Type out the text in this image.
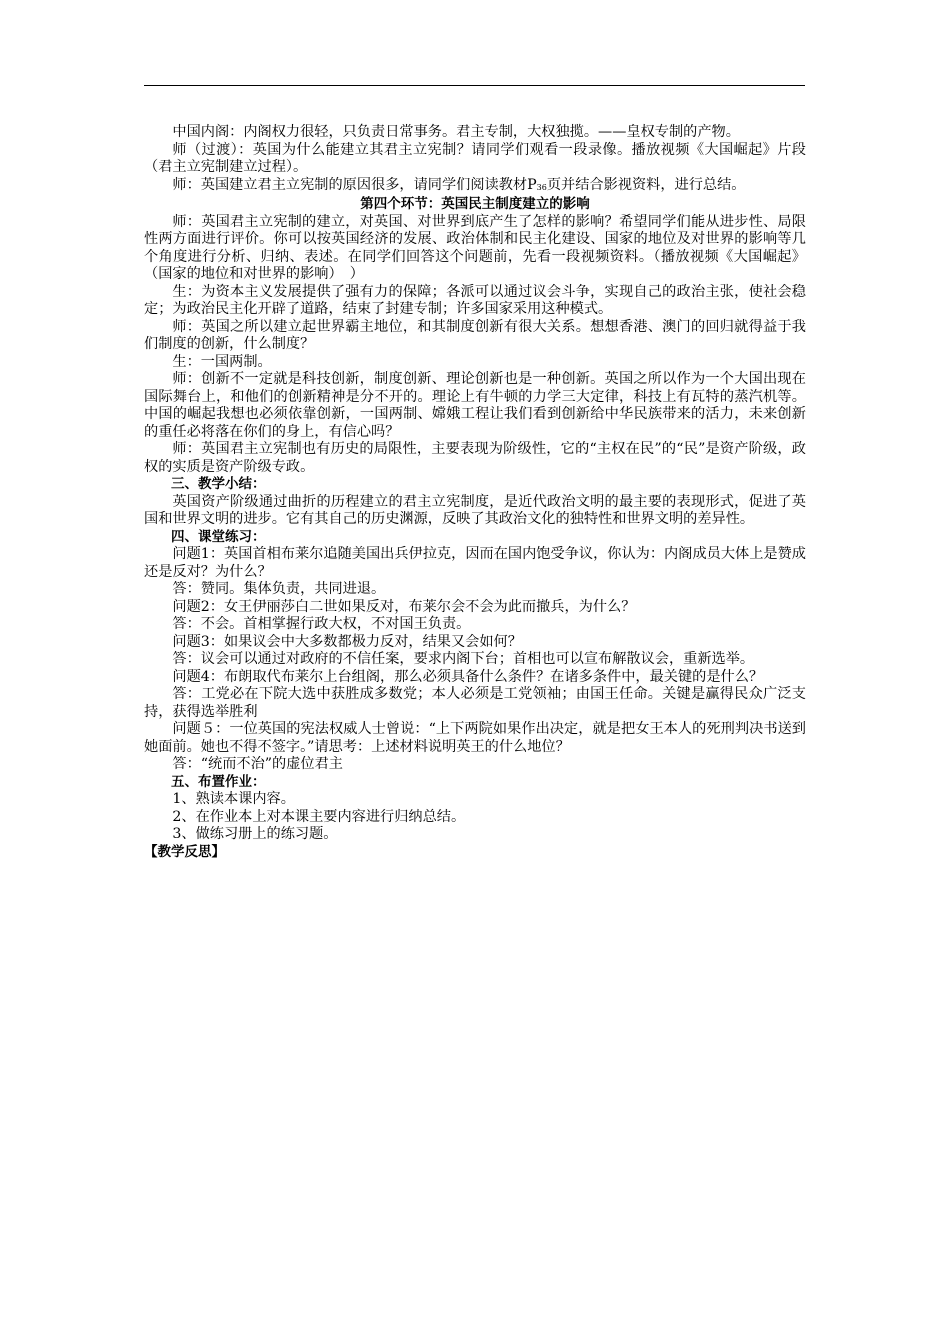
中国内阁：内阁权力很轻，只负责日常事务。君主专制，大权独揽。——皇权专制的产物。

师（过渡）：英国为什么能建立其君主立宪制？请同学们观看一段录像。播放视频《大国崛起》片段（君主立宪制建立过程）。

师：英国建立君主立宪制的原因很多，请同学们阅读教材$P_{36}$页并结合影视资料，进行总结。

第四个环节：英国民主制度建立的影响

师：英国君主立宪制的建立，对英国、对世界到底产生了怎样的影响？希望同学们能从进步性、局限性两方面进行评价。你可以按英国经济的发展、政治体制和民主化建设、国家的地位及对世界的影响等几个角度进行分析、归纳、表述。在同学们回答这个问题前，先看一段视频资料。（播放视频《大国崛起》（国家的地位和对世界的影响）　）

生：为资本主义发展提供了强有力的保障；各派可以通过议会斗争，实现自己的政治主张，使社会稳定；为政治民主化开辟了道路，结束了封建专制；许多国家采用这种模式。

师：英国之所以建立起世界霸主地位，和其制度创新有很大关系。想想香港、澳门的回归就得益于我们制度的创新，什么制度？

生：一国两制。

师：创新不一定就是科技创新，制度创新、理论创新也是一种创新。英国之所以作为一个大国出现在国际舞台上，和他们的创新精神是分不开的。理论上有牛顿的力学三大定律，科技上有瓦特的蒸汽机等。中国的崛起我想也必须依靠创新，一国两制、嫦娥工程让我们看到创新给中华民族带来的活力，未来创新的重任必将落在你们的身上，有信心吗？

师：英国君主立宪制也有历史的局限性，主要表现为阶级性，它的“主权在民”的“民”是资产阶级，政权的实质是资产阶级专政。

三、教学小结：

英国资产阶级通过曲折的历程建立的君主立宪制度，是近代政治文明的最主要的表现形式，促进了英国和世界文明的进步。它有其自己的历史渊源，反映了其政治文化的独特性和世界文明的差异性。

四、课堂练习：

问题1：英国首相布莱尔追随美国出兵伊拉克，因而在国内饱受争议，你认为：内阁成员大体上是赞成还是反对？为什么？

答：赞同。集体负责，共同进退。

问题2：女王伊丽莎白二世如果反对，布莱尔会不会为此而撤兵，为什么？

答：不会。首相掌握行政大权，不对国王负责。

问题3：如果议会中大多数都极力反对，结果又会如何？

答：议会可以通过对政府的不信任案，要求内阁下台；首相也可以宣布解散议会，重新选举。

问题4：布朗取代布莱尔上台组阁，那么必须具备什么条件？在诸多条件中，最关键的是什么？

答：工党必在下院大选中获胜成多数党；本人必须是工党领袖；由国王任命。关键是赢得民众广泛支持，获得选举胜利

问题５：一位英国的宪法权威人士曾说：“上下两院如果作出决定，就是把女王本人的死刑判决书送到她面前。她也不得不签字。”请思考：上述材料说明英王的什么地位？

答：“统而不治”的虚位君主

五、布置作业：

1、熟读本课内容。

2、在作业本上对本课主要内容进行归纳总结。

3、做练习册上的练习题。

【教学反思】
